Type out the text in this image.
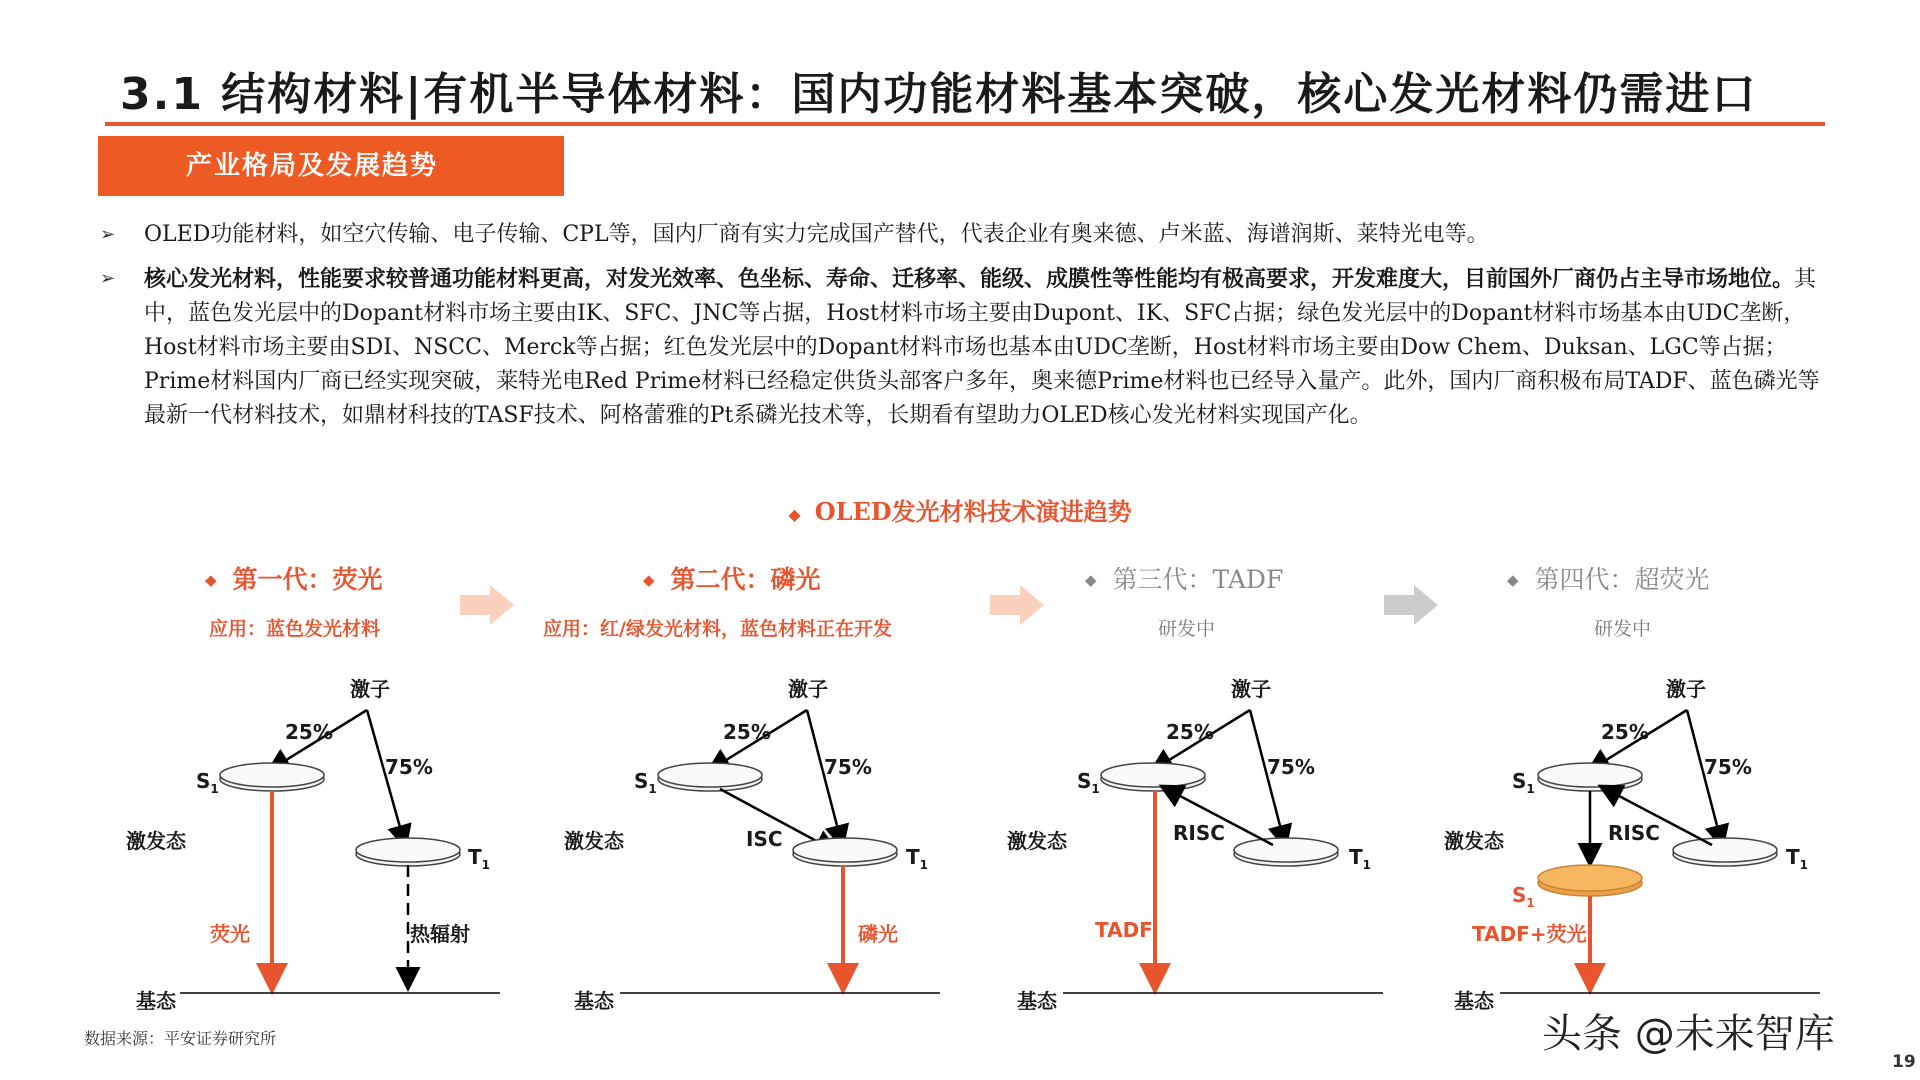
3.1 结构材料|有机半导体材料：国内功能材料基本突破，核心发光材料仍需进口
产业格局及发展趋势
➢ OLED功能材料，如空穴传输、电子传输、CPL等，国内厂商有实力完成国产替代，代表企业有奥来德、卢米蓝、海谱润斯、莱特光电等。
➢ 核心发光材料，性能要求较普通功能材料更高，对发光效率、色坐标、寿命、迁移率、能级、成膜性等性能均有极高要求，开发难度大，目前国外厂商仍占主导市场地位。其中，蓝色发光层中的Dopant材料市场主要由IK、SFC、JNC等占据，Host材料市场主要由Dupont、IK、SFC占据；绿色发光层中的Dopant材料市场基本由UDC垄断，Host材料市场主要由SDI、NSCC、Merck等占据；红色发光层中的Dopant材料市场也基本由UDC垄断，Host材料市场主要由Dow Chem、Duksan、LGC等占据；Prime材料国内厂商已经实现突破，莱特光电Red Prime材料已经稳定供货头部客户多年，奥来德Prime材料也已经导入量产。此外，国内厂商积极布局TADF、蓝色磷光等最新一代材料技术，如鼎材科技的TASF技术、阿格蕾雅的Pt系磷光技术等，长期看有望助力OLED核心发光材料实现国产化。
◆ OLED发光材料技术演进趋势
◆ 第一代：荧光
应用：蓝色发光材料
◆ 第二代：磷光
应用：红/绿发光材料，蓝色材料正在开发
◆ 第三代：TADF
研发中
◆ 第四代：超荧光
研发中
激子
25%
75%
$S_1$
$T_1$
激发态
荧光	热辐射
基态
激子
25%
75%
$S_1$
$T_1$
ISC
激发态
磷光
基态
激子
25%
75%
$S_1$
$T_1$
RISC
激发态
TADF
基态
激子
25%
75%
$S_1$
$T_1$
$S_1$
RISC
激发态
TADF+荧光
基态
数据来源：平安证券研究所	头条 @未来智库
19
